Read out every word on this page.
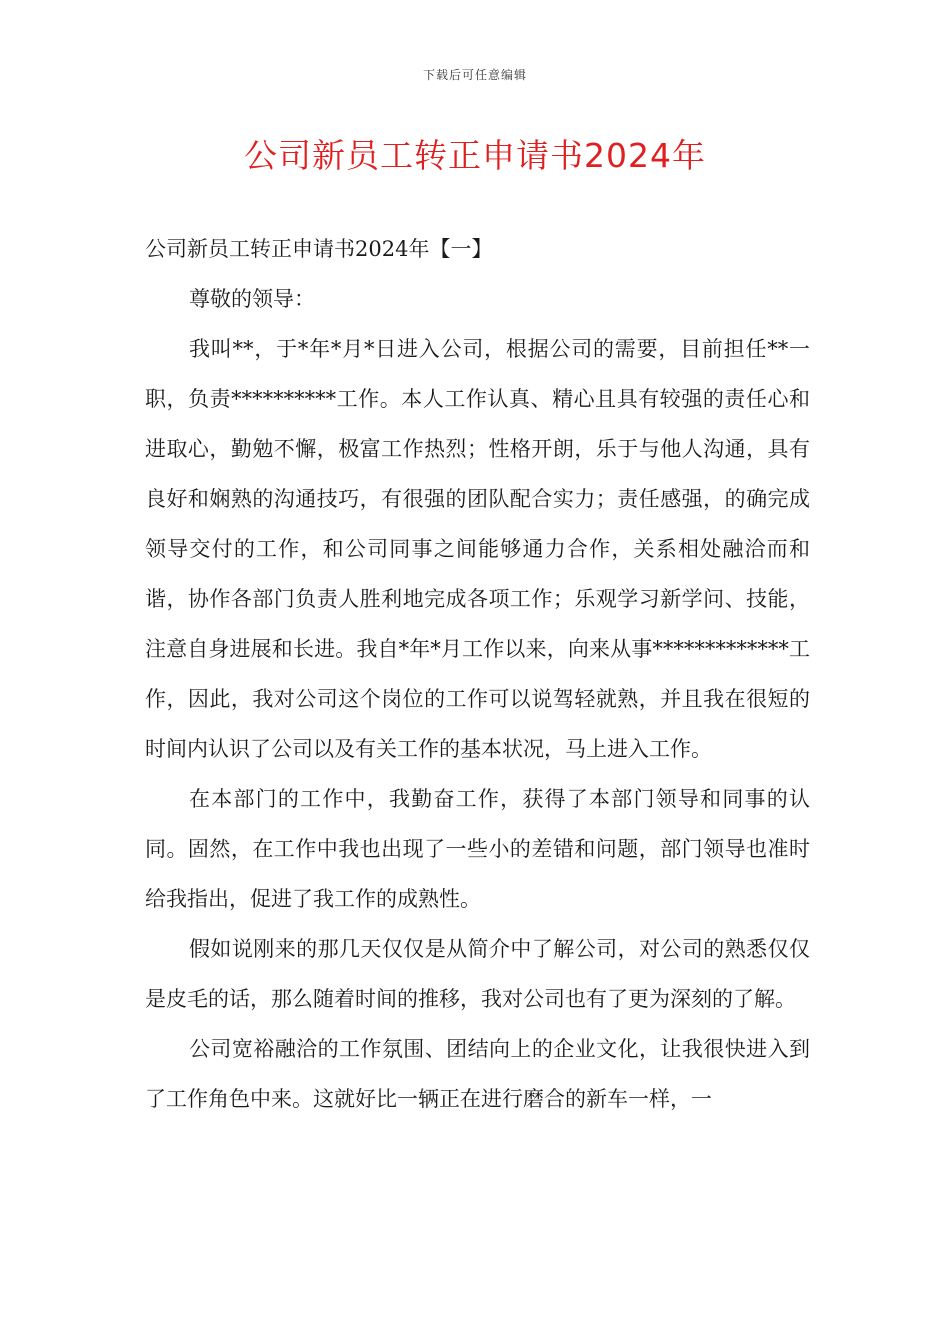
下载后可任意编辑
公司新员工转正申请书2024年

公司新员工转正申请书2024年【一】

尊敬的领导：

我叫**，于*年*月*日进入公司，根据公司的需要，目前担任**一职，负责**********工作。本人工作认真、精心且具有较强的责任心和进取心，勤勉不懈，极富工作热烈；性格开朗，乐于与他人沟通，具有良好和娴熟的沟通技巧，有很强的团队配合实力；责任感强，的确完成领导交付的工作，和公司同事之间能够通力合作，关系相处融洽而和谐，协作各部门负责人胜利地完成各项工作；乐观学习新学问、技能，注意自身进展和长进。我自*年*月工作以来，向来从事*************工作，因此，我对公司这个岗位的工作可以说驾轻就熟，并且我在很短的时间内认识了公司以及有关工作的基本状况，马上进入工作。

在本部门的工作中，我勤奋工作，获得了本部门领导和同事的认同。固然，在工作中我也出现了一些小的差错和问题，部门领导也准时给我指出，促进了我工作的成熟性。

假如说刚来的那几天仅仅是从简介中了解公司，对公司的熟悉仅仅是皮毛的话，那么随着时间的推移，我对公司也有了更为深刻的了解。

公司宽裕融洽的工作氛围、团结向上的企业文化，让我很快进入到了工作角色中来。这就好比一辆正在进行磨合的新车一样，一
